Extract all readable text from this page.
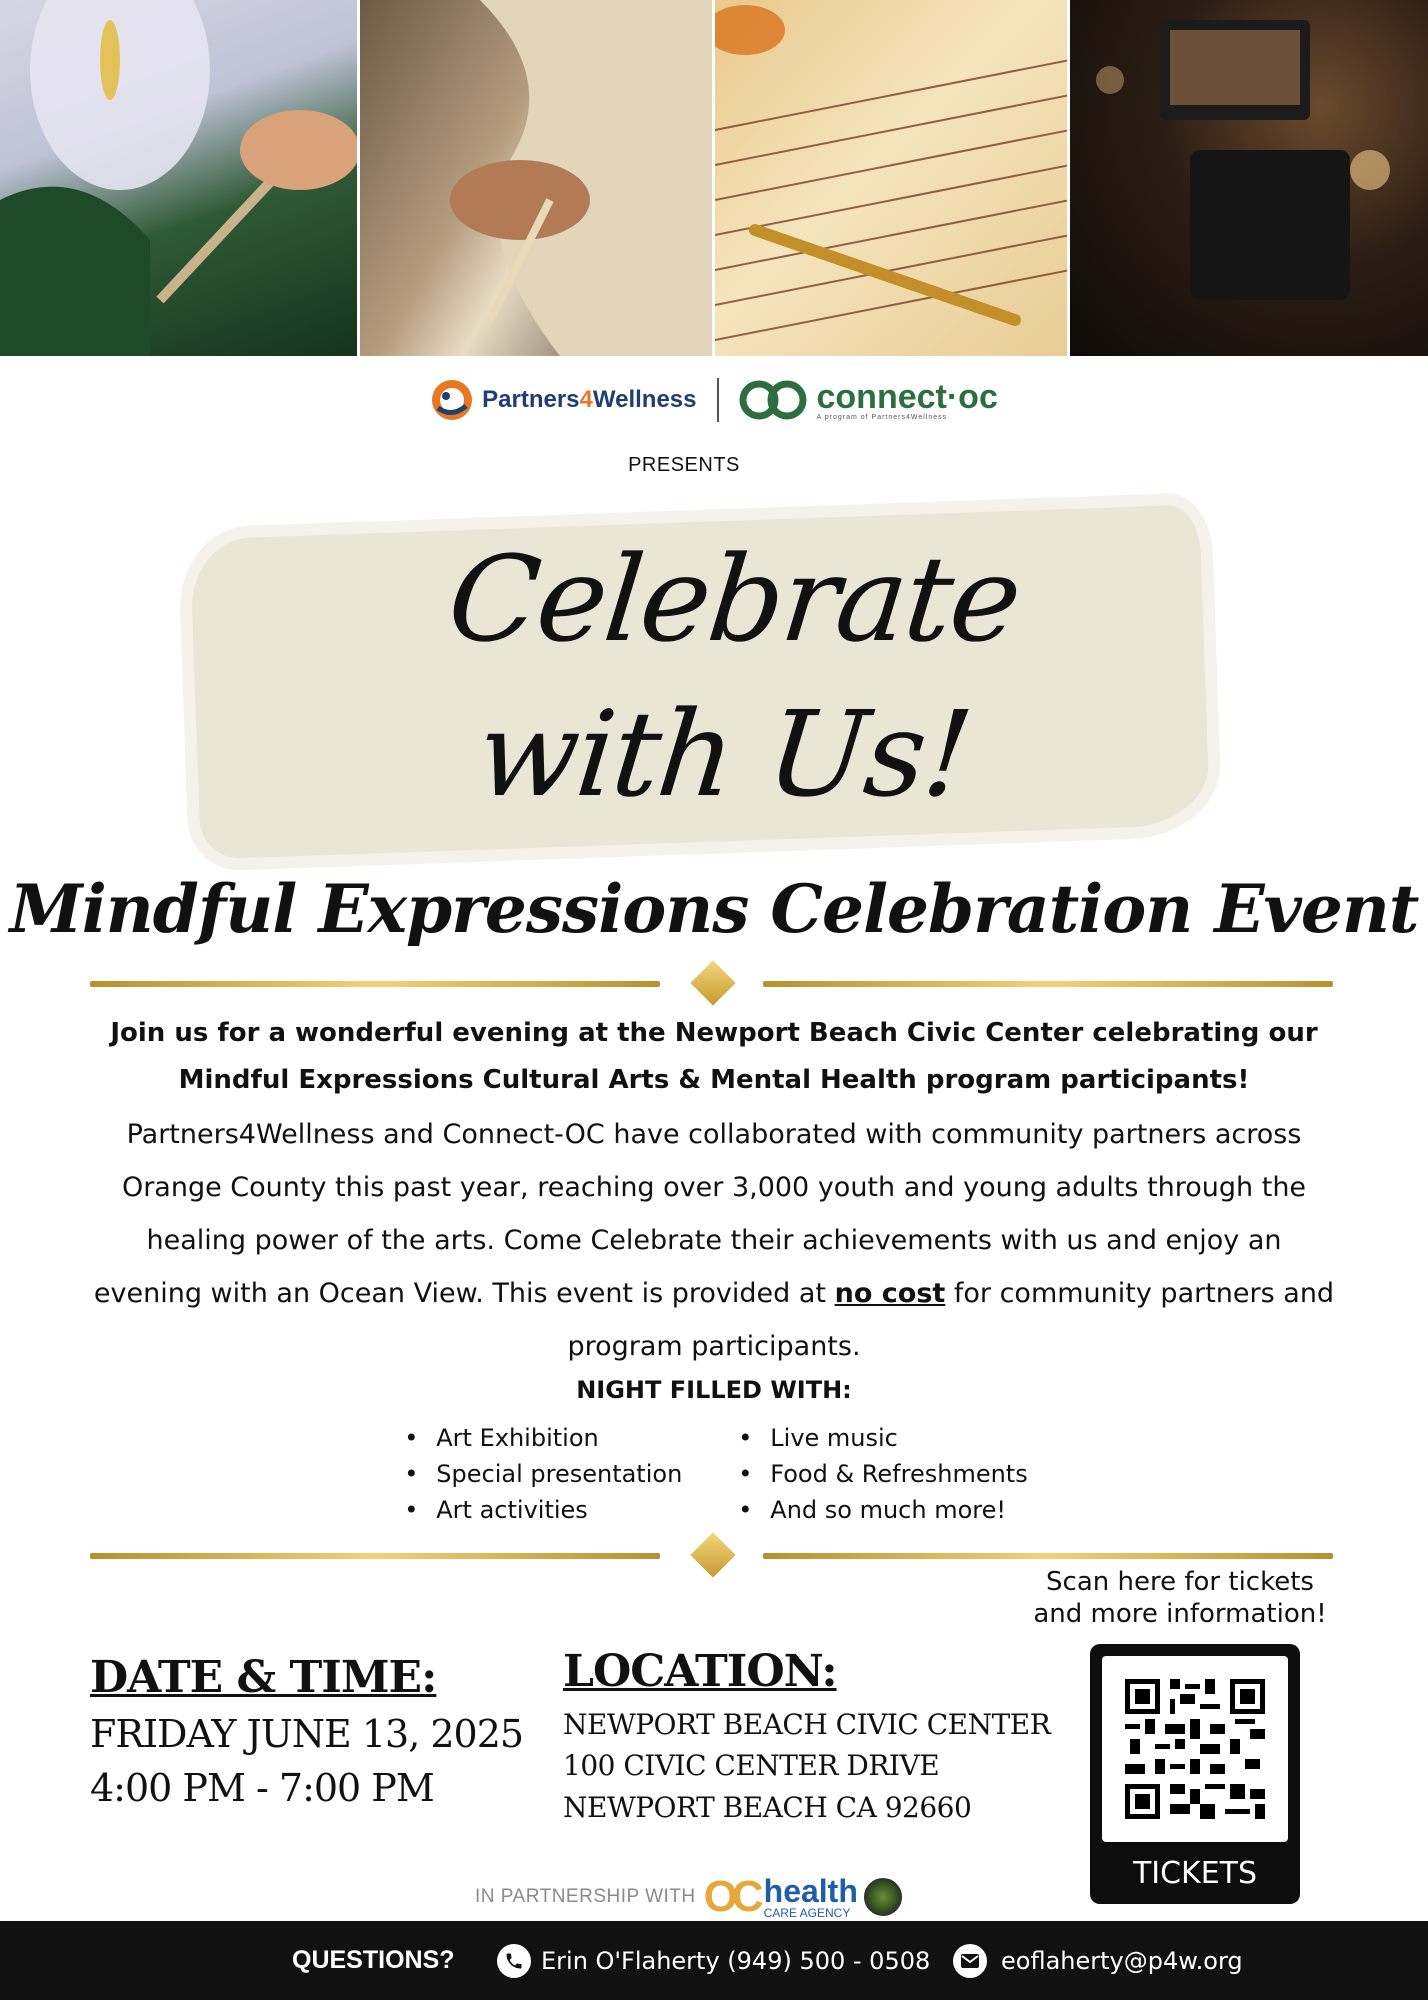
Partners4Wellness	connect·oc
A program of Partners4Wellness
PRESENTS
Celebrate
with Us!
Mindful Expressions Celebration Event
Join us for a wonderful evening at the Newport Beach Civic Center celebrating our Mindful Expressions Cultural Arts & Mental Health program participants!
Partners4Wellness and Connect-OC have collaborated with community partners across Orange County this past year, reaching over 3,000 youth and young adults through the healing power of the arts. Come Celebrate their achievements with us and enjoy an evening with an Ocean View. This event is provided at no cost for community partners and program participants.
NIGHT FILLED WITH:
• Art Exhibition
• Special presentation
• Art activities
• Live music
• Food & Refreshments
• And so much more!
Scan here for tickets
and more information!
DATE & TIME:
FRIDAY JUNE 13, 2025
4:00 PM - 7:00 PM
LOCATION:
NEWPORT BEACH CIVIC CENTER
100 CIVIC CENTER DRIVE
NEWPORT BEACH CA 92660
TICKETS
IN PARTNERSHIP WITH OC health
CARE AGENCY
QUESTIONS?	Erin O'Flaherty (949) 500 - 0508	eoflaherty@p4w.org
